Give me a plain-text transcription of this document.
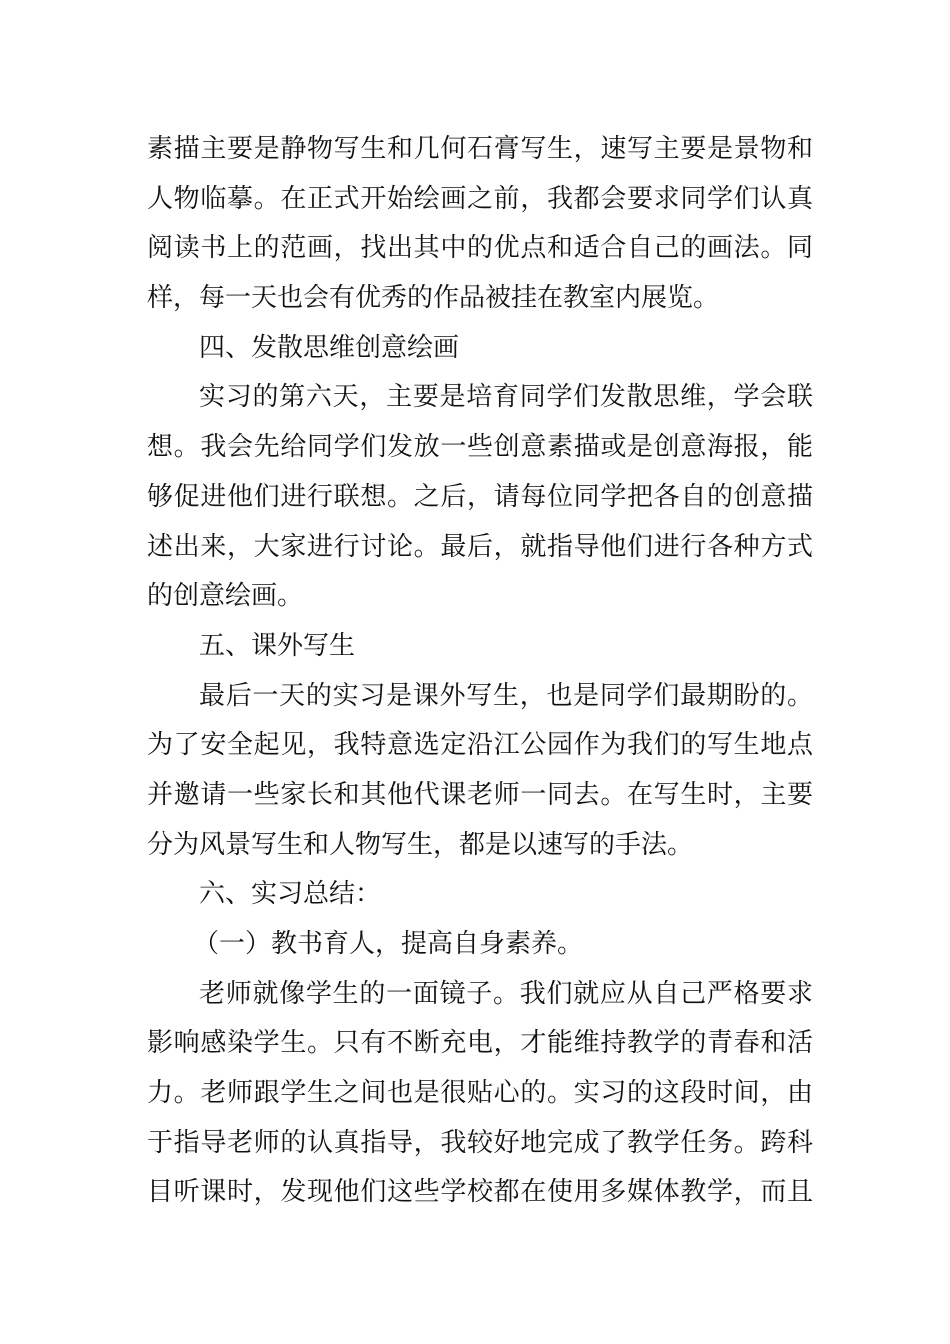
素描主要是静物写生和几何石膏写生，速写主要是景物和
人物临摹。在正式开始绘画之前，我都会要求同学们认真
阅读书上的范画，找出其中的优点和适合自己的画法。同
样，每一天也会有优秀的作品被挂在教室内展览。
四、发散思维创意绘画
实习的第六天，主要是培育同学们发散思维，学会联
想。我会先给同学们发放一些创意素描或是创意海报，能
够促进他们进行联想。之后，请每位同学把各自的创意描
述出来，大家进行讨论。最后，就指导他们进行各种方式
的创意绘画。
五、课外写生
最后一天的实习是课外写生，也是同学们最期盼的。
为了安全起见，我特意选定沿江公园作为我们的写生地点
并邀请一些家长和其他代课老师一同去。在写生时，主要
分为风景写生和人物写生，都是以速写的手法。
六、实习总结：
（一）教书育人，提高自身素养。
老师就像学生的一面镜子。我们就应从自己严格要求
影响感染学生。只有不断充电，才能维持教学的青春和活
力。老师跟学生之间也是很贴心的。实习的这段时间，由
于指导老师的认真指导，我较好地完成了教学任务。跨科
目听课时，发现他们这些学校都在使用多媒体教学，而且
